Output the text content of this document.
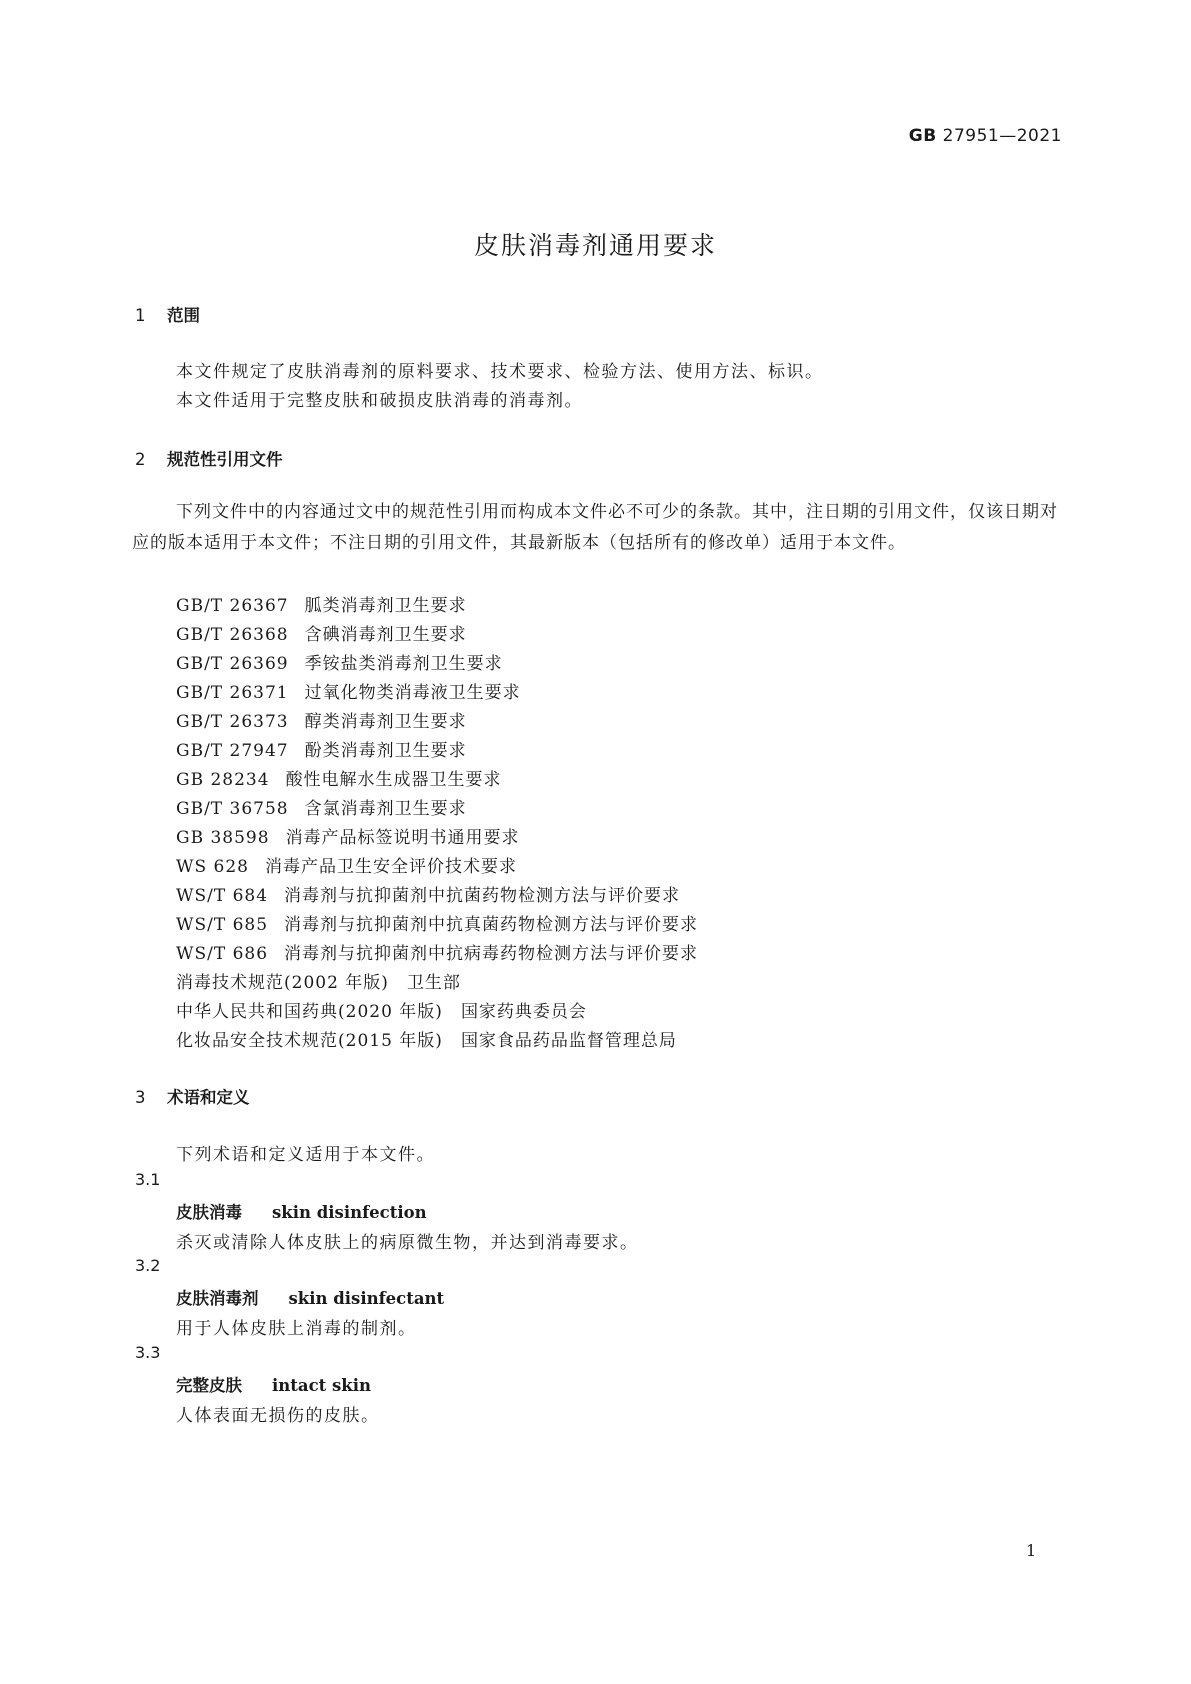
GB 27951—2021
皮肤消毒剂通用要求
1 范围
本文件规定了皮肤消毒剂的原料要求、技术要求、检验方法、使用方法、标识。
本文件适用于完整皮肤和破损皮肤消毒的消毒剂。
2 规范性引用文件
下列文件中的内容通过文中的规范性引用而构成本文件必不可少的条款。其中，注日期的引用文件，仅该日期对应的版本适用于本文件；不注日期的引用文件，其最新版本（包括所有的修改单）适用于本文件。
GB/T 26367 胍类消毒剂卫生要求
GB/T 26368 含碘消毒剂卫生要求
GB/T 26369 季铵盐类消毒剂卫生要求
GB/T 26371 过氧化物类消毒液卫生要求
GB/T 26373 醇类消毒剂卫生要求
GB/T 27947 酚类消毒剂卫生要求
GB 28234 酸性电解水生成器卫生要求
GB/T 36758 含氯消毒剂卫生要求
GB 38598 消毒产品标签说明书通用要求
WS 628 消毒产品卫生安全评价技术要求
WS/T 684 消毒剂与抗抑菌剂中抗菌药物检测方法与评价要求
WS/T 685 消毒剂与抗抑菌剂中抗真菌药物检测方法与评价要求
WS/T 686 消毒剂与抗抑菌剂中抗病毒药物检测方法与评价要求
消毒技术规范(2002 年版) 卫生部
中华人民共和国药典(2020 年版) 国家药典委员会
化妆品安全技术规范(2015 年版) 国家食品药品监督管理总局
3 术语和定义
下列术语和定义适用于本文件。
3.1
皮肤消毒 skin disinfection
杀灭或清除人体皮肤上的病原微生物，并达到消毒要求。
3.2
皮肤消毒剂 skin disinfectant
用于人体皮肤上消毒的制剂。
3.3
完整皮肤 intact skin
人体表面无损伤的皮肤。
1
